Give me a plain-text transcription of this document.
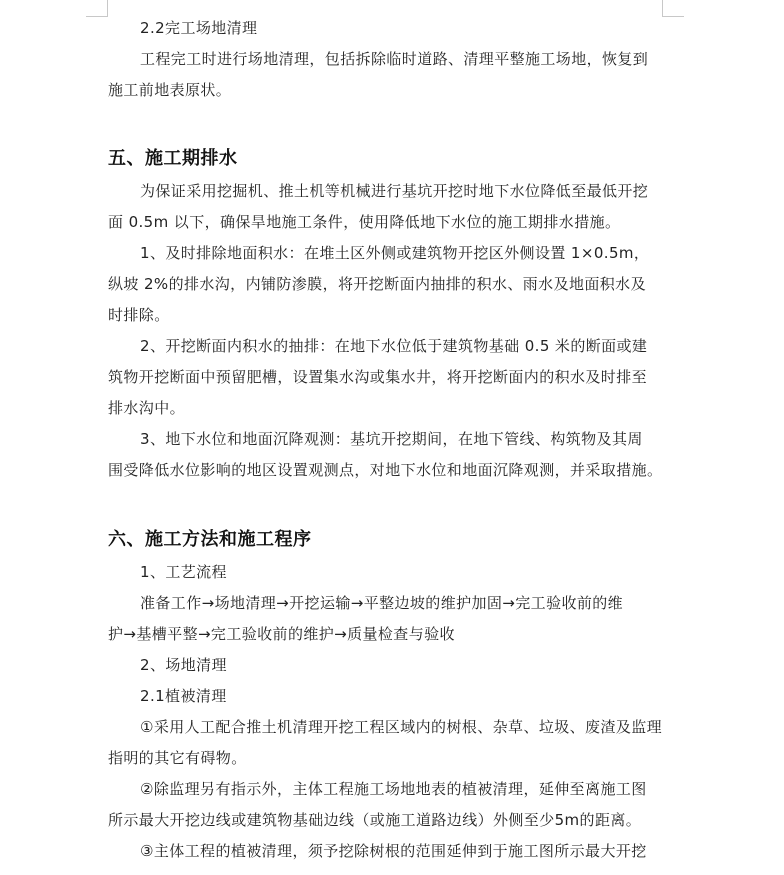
2.2完工场地清理
工程完工时进行场地清理，包括拆除临时道路、清理平整施工场地，恢复到
施工前地表原状。
五、施工期排水
为保证采用挖掘机、推土机等机械进行基坑开挖时地下水位降低至最低开挖
面 0.5m 以下，确保旱地施工条件，使用降低地下水位的施工期排水措施。
1、及时排除地面积水：在堆土区外侧或建筑物开挖区外侧设置 1×0.5m，
纵坡 2%的排水沟，内铺防渗膜，将开挖断面内抽排的积水、雨水及地面积水及
时排除。
2、开挖断面内积水的抽排：在地下水位低于建筑物基础 0.5 米的断面或建
筑物开挖断面中预留肥槽，设置集水沟或集水井，将开挖断面内的积水及时排至
排水沟中。
3、地下水位和地面沉降观测：基坑开挖期间，在地下管线、构筑物及其周
围受降低水位影响的地区设置观测点，对地下水位和地面沉降观测，并采取措施。
六、施工方法和施工程序
1、工艺流程
准备工作→场地清理→开挖运输→平整边坡的维护加固→完工验收前的维
护→基槽平整→完工验收前的维护→质量检查与验收
2、场地清理
2.1植被清理
①采用人工配合推土机清理开挖工程区域内的树根、杂草、垃圾、废渣及监理
指明的其它有碍物。
②除监理另有指示外，主体工程施工场地地表的植被清理，延伸至离施工图
所示最大开挖边线或建筑物基础边线（或施工道路边线）外侧至少5m的距离。
③主体工程的植被清理，须予挖除树根的范围延伸到于施工图所示最大开挖
